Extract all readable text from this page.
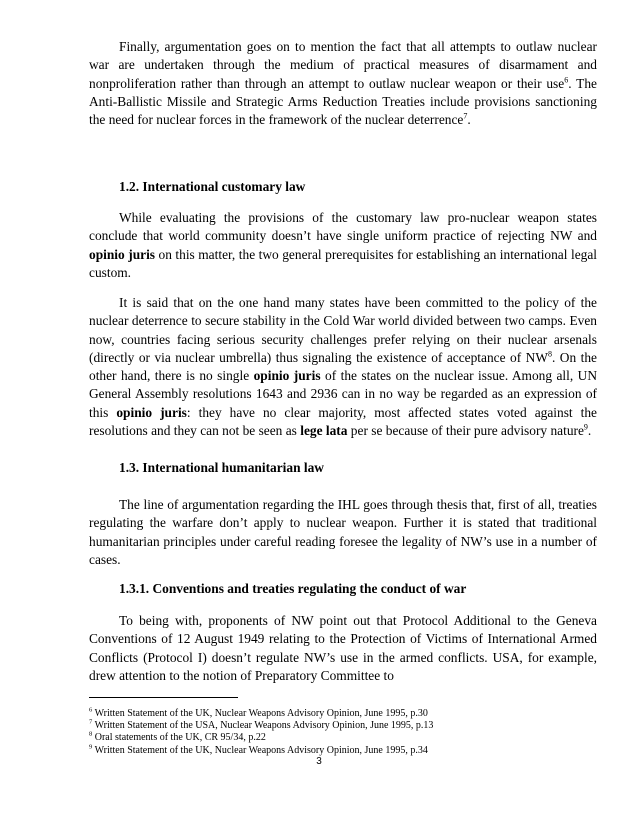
Finally, argumentation goes on to mention the fact that all attempts to outlaw nuclear war are undertaken through the medium of practical measures of disarmament and nonproliferation rather than through an attempt to outlaw nuclear weapon or their use$^6$. The Anti-Ballistic Missile and Strategic Arms Reduction Treaties include provisions sanctioning the need for nuclear forces in the framework of the nuclear deterrence$^7$.

1.2. International customary law

While evaluating the provisions of the customary law pro-nuclear weapon states conclude that world community doesn’t have single uniform practice of rejecting NW and opinio juris on this matter, the two general prerequisites for establishing an international legal custom.

It is said that on the one hand many states have been committed to the policy of the nuclear deterrence to secure stability in the Cold War world divided between two camps. Even now, countries facing serious security challenges prefer relying on their nuclear arsenals (directly or via nuclear umbrella) thus signaling the existence of acceptance of $NW^8$. On the other hand, there is no single opinio juris of the states on the nuclear issue. Among all, UN General Assembly resolutions 1643 and 2936 can in no way be regarded as an expression of this opinio juris: they have no clear majority, most affected states voted against the resolutions and they can not be seen as lege lata per se because of their pure advisory nature$^9$.

1.3. International humanitarian law

The line of argumentation regarding the IHL goes through thesis that, first of all, treaties regulating the warfare don’t apply to nuclear weapon. Further it is stated that traditional humanitarian principles under careful reading foresee the legality of NW’s use in a number of cases.

1.3.1. Conventions and treaties regulating the conduct of war

To being with, proponents of NW point out that Protocol Additional to the Geneva Conventions of 12 August 1949 relating to the Protection of Victims of International Armed Conflicts (Protocol I) doesn’t regulate NW’s use in the armed conflicts. USA, for example, drew attention to the notion of Preparatory Committee to

$^6$ Written Statement of the UK, Nuclear Weapons Advisory Opinion, June 1995, p.30
$^7$ Written Statement of the USA, Nuclear Weapons Advisory Opinion, June 1995, p.13
$^8$ Oral statements of the UK, CR 95/34, p.22
$^9$ Written Statement of the UK, Nuclear Weapons Advisory Opinion, June 1995, p.34
3
